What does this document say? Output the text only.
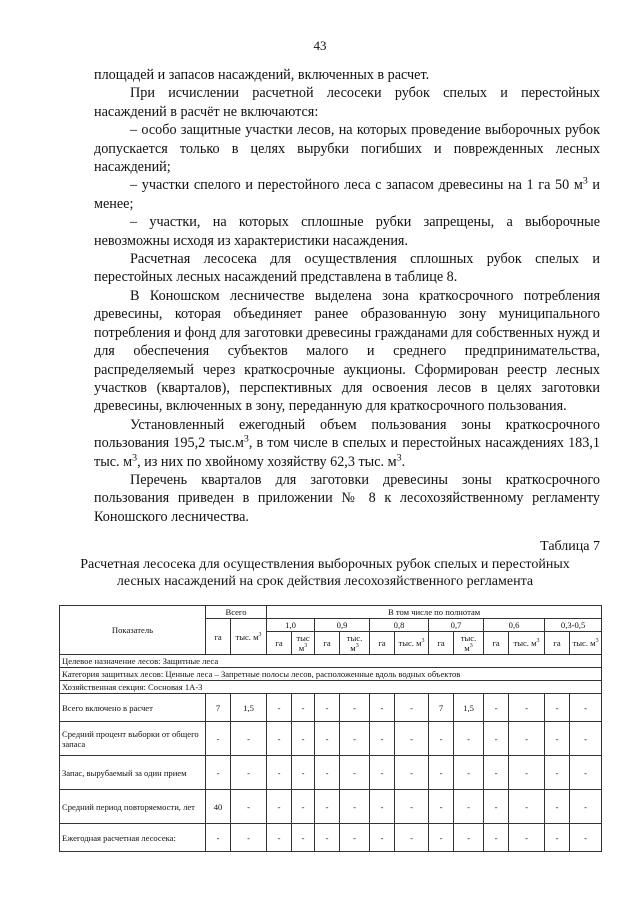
43

площадей и запасов насаждений, включенных в расчет.

При исчислении расчетной лесосеки рубок спелых и перестойных насаждений в расчёт не включаются:

– особо защитные участки лесов, на которых проведение выборочных рубок допускается только в целях вырубки погибших и поврежденных лесных насаждений;

– участки спелого и перестойного леса с запасом древесины на 1 га 50 $м^3$ и менее;

– участки, на которых сплошные рубки запрещены, а выборочные невозможны исходя из характеристики насаждения.

Расчетная лесосека для осуществления сплошных рубок спелых и перестойных лесных насаждений представлена в таблице 8.

В Коношском лесничестве выделена зона краткосрочного потребления древесины, которая объединяет ранее образованную зону муниципального потребления и фонд для заготовки древесины гражданами для собственных нужд и для обеспечения субъектов малого и среднего предпринимательства, распределяемый через краткосрочные аукционы. Сформирован реестр лесных участков (кварталов), перспективных для освоения лесов в целях заготовки древесины, включенных в зону, переданную для краткосрочного пользования.

Установленный ежегодный объем пользования зоны краткосрочного пользования 195,2 $тыс.м^3$, в том числе в спелых и перестойных насаждениях 183,1 тыс. $м^3$, из них по хвойному хозяйству 62,3 тыс. $м^3$.

Перечень кварталов для заготовки древесины зоны краткосрочного пользования приведен в приложении № 8 к лесохозяйственному регламенту Коношского лесничества.

Таблица 7
Расчетная лесосека для осуществления выборочных рубок спелых и перестойных лесных насаждений на срок действия лесохозяйственного регламента
Показатель	Всего		В том числе по полнотам											
	га	тыс. $м^3$	1,0		0,9		0,8		0,7		0,6		0,3-0,5	
			га	тыс $м^3$	га	тыс. $м^3$	га	тыс. $м^3$	га	тыс. $м^3$	га	тыс. $м^3$	га	тыс. $м^3$
Целевое назначение лесов: Защитные леса														
Категория защитных лесов: Ценные леса – Запретные полосы лесов, расположенные вдоль водных объектов														
Хозяйственная секция: Сосновая 1А-3														
Всего включено в расчет	7	1,5	-	-	-	-	-	-	7	1,5	-	-	-	-
Средний процент выборки от общего запаса	-	-	-	-	-	-	-	-	-	-	-	-	-	-
Запас, вырубаемый за один прием	-	-	-	-	-	-	-	-	-	-	-	-	-	-
Средний период повторяемости, лет	40	-	-	-	-	-	-	-	-	-	-	-	-	-
Ежегодная расчетная лесосека:	-	-	-	-	-	-	-	-	-	-	-	-	-	-
